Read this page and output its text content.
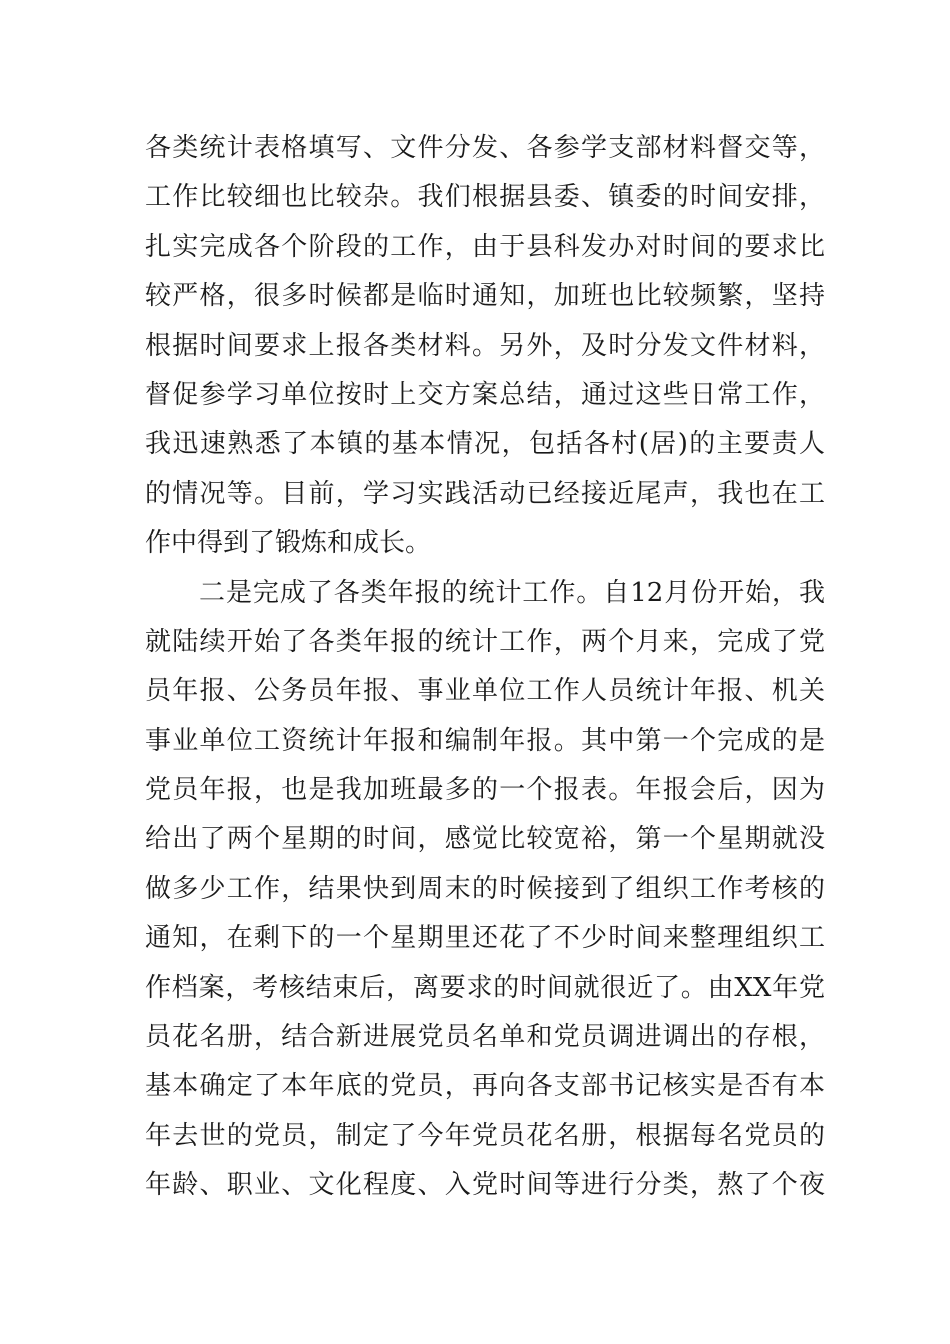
各类统计表格填写、文件分发、各参学支部材料督交等，
工作比较细也比较杂。我们根据县委、镇委的时间安排，
扎实完成各个阶段的工作，由于县科发办对时间的要求比
较严格，很多时候都是临时通知，加班也比较频繁，坚持
根据时间要求上报各类材料。另外，及时分发文件材料，
督促参学习单位按时上交方案总结，通过这些日常工作，
我迅速熟悉了本镇的基本情况，包括各村(居)的主要责人
的情况等。目前，学习实践活动已经接近尾声，我也在工
作中得到了锻炼和成长。
二是完成了各类年报的统计工作。自12月份开始，我
就陆续开始了各类年报的统计工作，两个月来，完成了党
员年报、公务员年报、事业单位工作人员统计年报、机关
事业单位工资统计年报和编制年报。其中第一个完成的是
党员年报，也是我加班最多的一个报表。年报会后，因为
给出了两个星期的时间，感觉比较宽裕，第一个星期就没
做多少工作，结果快到周末的时候接到了组织工作考核的
通知，在剩下的一个星期里还花了不少时间来整理组织工
作档案，考核结束后，离要求的时间就很近了。由XX年党
员花名册，结合新进展党员名单和党员调进调出的存根，
基本确定了本年底的党员，再向各支部书记核实是否有本
年去世的党员，制定了今年党员花名册，根据每名党员的
年龄、职业、文化程度、入党时间等进行分类，熬了个夜
